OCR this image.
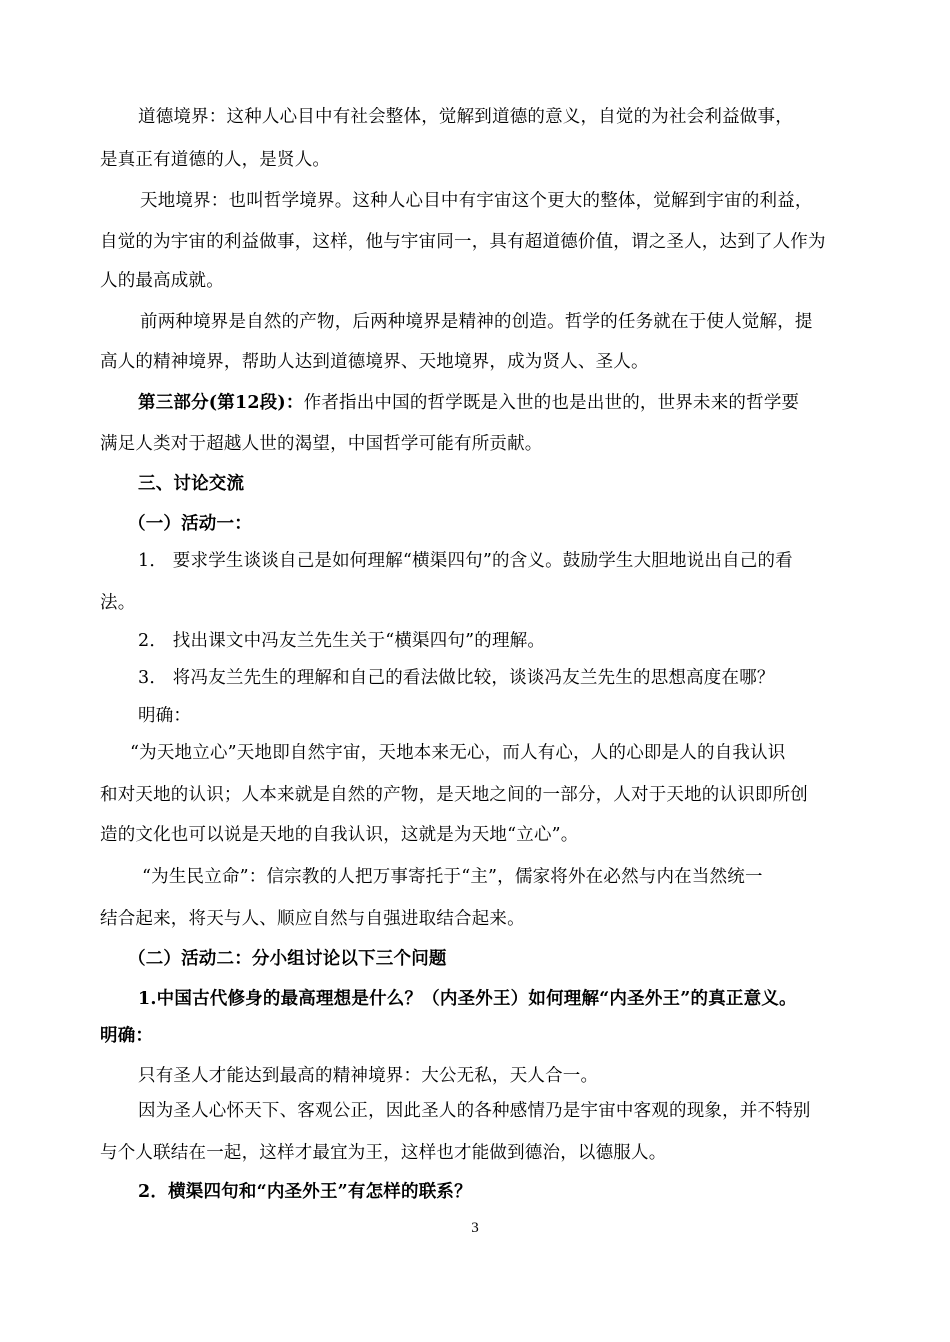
道德境界：这种人心目中有社会整体，觉解到道德的意义，自觉的为社会利益做事，
是真正有道德的人，是贤人。
天地境界：也叫哲学境界。这种人心目中有宇宙这个更大的整体，觉解到宇宙的利益，
自觉的为宇宙的利益做事，这样，他与宇宙同一，具有超道德价值，谓之圣人，达到了人作为
人的最高成就。
前两种境界是自然的产物，后两种境界是精神的创造。哲学的任务就在于使人觉解，提
高人的精神境界，帮助人达到道德境界、天地境界，成为贤人、圣人。
第三部分(第12段)：作者指出中国的哲学既是入世的也是出世的，世界未来的哲学要
满足人类对于超越人世的渴望，中国哲学可能有所贡献。
三、讨论交流
（一）活动一：
1． 要求学生谈谈自己是如何理解“横渠四句”的含义。鼓励学生大胆地说出自己的看
法。
2． 找出课文中冯友兰先生关于“横渠四句”的理解。
3． 将冯友兰先生的理解和自己的看法做比较，谈谈冯友兰先生的思想高度在哪？
明确：
“为天地立心”天地即自然宇宙，天地本来无心，而人有心，人的心即是人的自我认识
和对天地的认识；人本来就是自然的产物，是天地之间的一部分，人对于天地的认识即所创
造的文化也可以说是天地的自我认识，这就是为天地“立心”。
“为生民立命”：信宗教的人把万事寄托于“主”，儒家将外在必然与内在当然统一
结合起来，将天与人、顺应自然与自强进取结合起来。
（二）活动二：分小组讨论以下三个问题
1.中国古代修身的最高理想是什么？（内圣外王）如何理解“内圣外王”的真正意义。
明确：
只有圣人才能达到最高的精神境界：大公无私，天人合一。
因为圣人心怀天下、客观公正，因此圣人的各种感情乃是宇宙中客观的现象，并不特别
与个人联结在一起，这样才最宜为王，这样也才能做到德治，以德服人。
2．横渠四句和“内圣外王”有怎样的联系？
3
